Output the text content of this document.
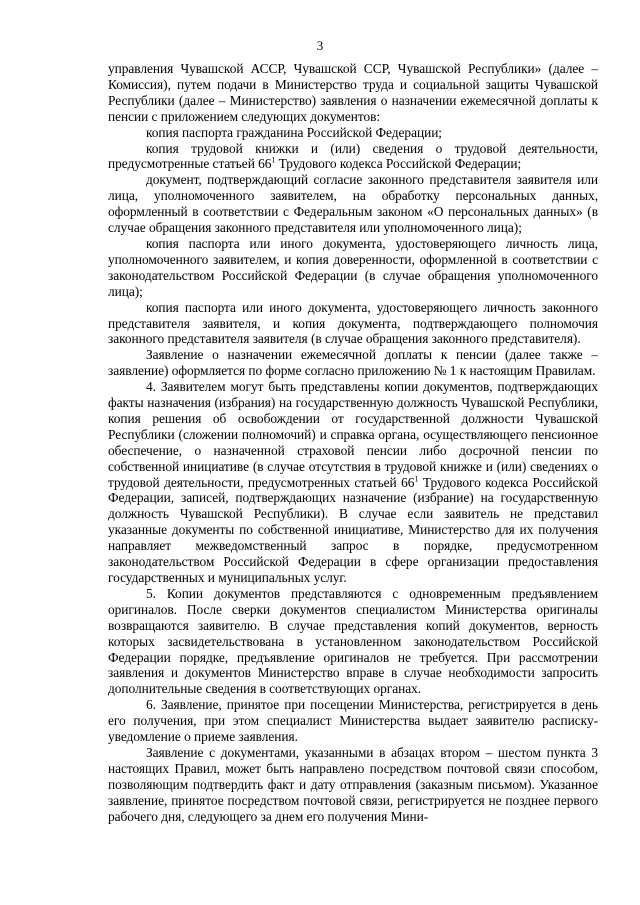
3

управления Чувашской АССР, Чувашской ССР, Чувашской Республики» (далее – Комиссия), путем подачи в Министерство труда и социальной защиты Чувашской Республики (далее – Министерство) заявления о назначении ежемесячной доплаты к пенсии с приложением следующих документов:

копия паспорта гражданина Российской Федерации;

копия трудовой книжки и (или) сведения о трудовой деятельности, предусмотренные статьей $66^1$ Трудового кодекса Российской Федерации;

документ, подтверждающий согласие законного представителя заявителя или лица, уполномоченного заявителем, на обработку персональных данных, оформленный в соответствии с Федеральным законом «О персональных данных» (в случае обращения законного представителя или уполномоченного лица);

копия паспорта или иного документа, удостоверяющего личность лица, уполномоченного заявителем, и копия доверенности, оформленной в соответствии с законодательством Российской Федерации (в случае обращения уполномоченного лица);

копия паспорта или иного документа, удостоверяющего личность законного представителя заявителя, и копия документа, подтверждающего полномочия законного представителя заявителя (в случае обращения законного представителя).

Заявление о назначении ежемесячной доплаты к пенсии (далее также – заявление) оформляется по форме согласно приложению № 1 к настоящим Правилам.

4. Заявителем могут быть представлены копии документов, подтверждающих факты назначения (избрания) на государственную должность Чувашской Республики, копия решения об освобождении от государственной должности Чувашской Республики (сложении полномочий) и справка органа, осуществляющего пенсионное обеспечение, о назначенной страховой пенсии либо досрочной пенсии по собственной инициативе (в случае отсутствия в трудовой книжке и (или) сведениях о трудовой деятельности, предусмотренных статьей $66^1$ Трудового кодекса Российской Федерации, записей, подтверждающих назначение (избрание) на государственную должность Чувашской Республики). В случае если заявитель не представил указанные документы по собственной инициативе, Министерство для их получения направляет межведомственный запрос в порядке, предусмотренном законодательством Российской Федерации в сфере организации предоставления государственных и муниципальных услуг.

5. Копии документов представляются с одновременным предъявлением оригиналов. После сверки документов специалистом Министерства оригиналы возвращаются заявителю. В случае представления копий документов, верность которых засвидетельствована в установленном законодательством Российской Федерации порядке, предъявление оригиналов не требуется. При рассмотрении заявления и документов Министерство вправе в случае необходимости запросить дополнительные сведения в соответствующих органах.

6. Заявление, принятое при посещении Министерства, регистрируется в день его получения, при этом специалист Министерства выдает заявителю расписку-уведомление о приеме заявления.

Заявление с документами, указанными в абзацах втором – шестом пункта 3 настоящих Правил, может быть направлено посредством почтовой связи способом, позволяющим подтвердить факт и дату отправления (заказным письмом). Указанное заявление, принятое посредством почтовой связи, регистрируется не позднее первого рабочего дня, следующего за днем его получения Мини-
